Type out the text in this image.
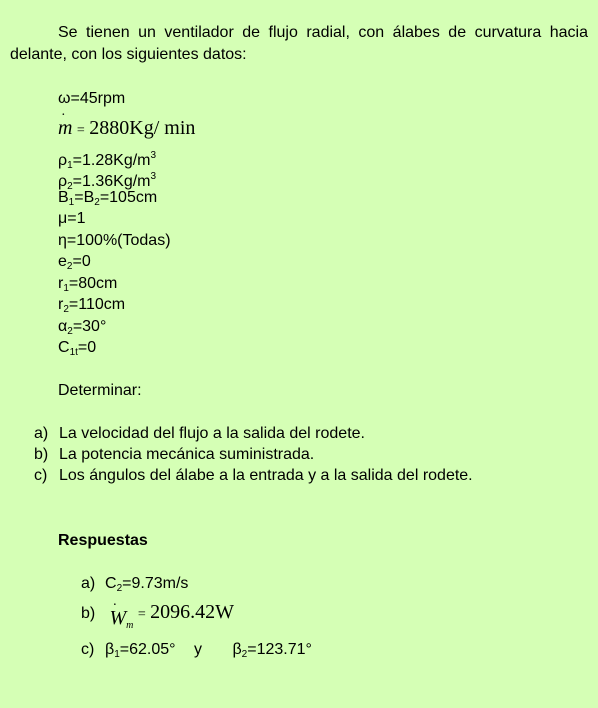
Se tienen un ventilador de flujo radial, con álabes de curvatura hacia delante, con los siguientes datos:
ω=45rpm
· m = 2880Kg/ min
$\rho_1=1.28Kg/m^3$
$\rho_2=1.36Kg/m^3$
$B_1=B_2=105cm$
μ=1
η=100%(Todas)
$e_2=0$
$r_1=80cm$
$r_2=110cm$
$\alpha_2=30^\circ$
$C_{1t}=0$
Determinar:
a) La velocidad del flujo a la salida del rodete.
b) La potencia mecánica suministrada.
c) Los ángulos del álabe a la entrada y a la salida del rodete.
Respuestas
a) $C_2=9.73m/s$
$b) \cdot W_m = 2096.42W$
c) $\beta_1=62.05^\circ$ y $\beta_2=123.71^\circ$
